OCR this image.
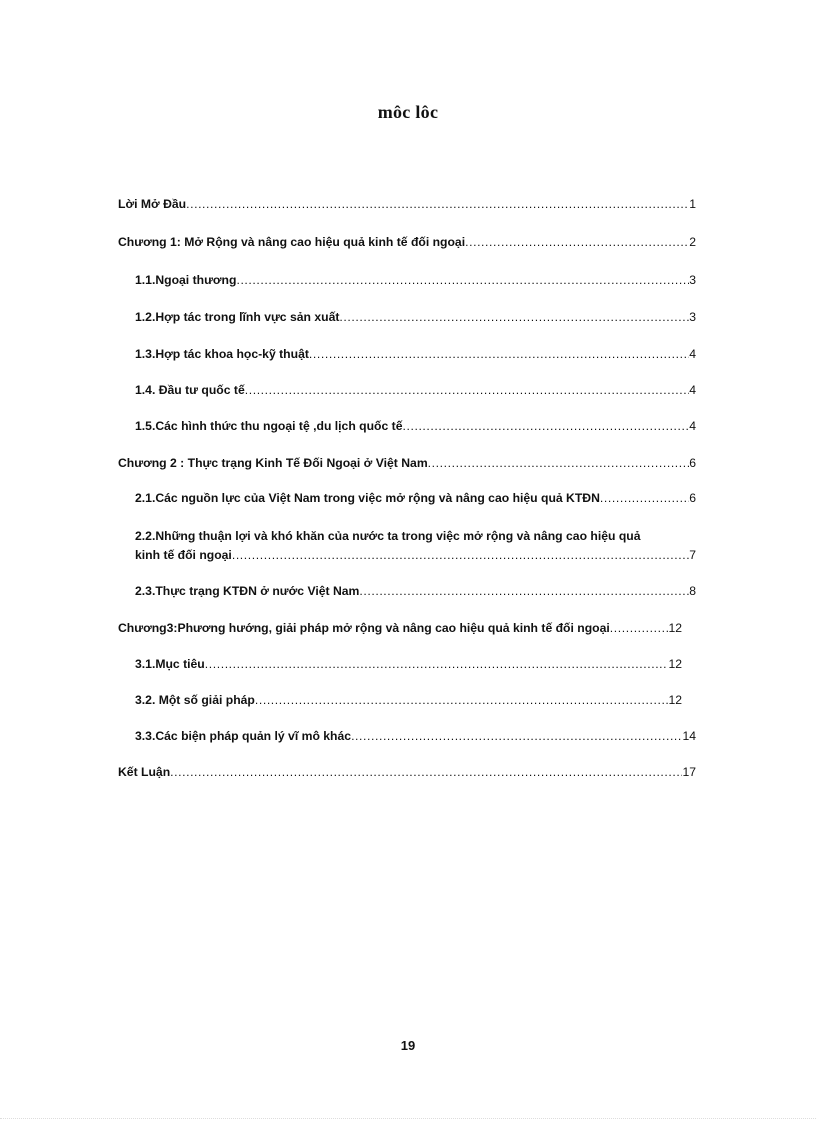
môc lôc
Lời Mở Đầu .....	1
Chương 1: Mở Rộng và nâng cao hiệu quả kinh tế đối ngoại .....	2
1.1.Ngoại thương .....	3
1.2.Hợp tác trong lĩnh vực sản xuất .....	3
1.3.Hợp tác khoa học-kỹ thuật .....	4
1.4. Đầu tư quốc tế .....	4
1.5.Các hình thức thu ngoại tệ ,du lịch quốc tế .....	4
Chương 2 : Thực trạng Kinh Tế Đối Ngoại ở Việt Nam .....	6
2.1.Các nguồn lực của Việt Nam trong việc mở rộng và nâng cao hiệu quả KTĐN .....	6
2.2.Những thuận lợi và khó khăn của nước ta trong việc mở rộng và nâng cao hiệu quả
kinh tế đối ngoại .....	7
2.3.Thực trạng KTĐN ở nước Việt Nam .....	8
Chương3:Phương hướng, giải pháp mở rộng và nâng cao hiệu quả kinh tế đối ngoại .....	12
3.1.Mục tiêu .....	12
3.2. Một số giải pháp .....	12
3.3.Các biện pháp quản lý vĩ mô khác .....	14
Kết Luận .....	17
19
